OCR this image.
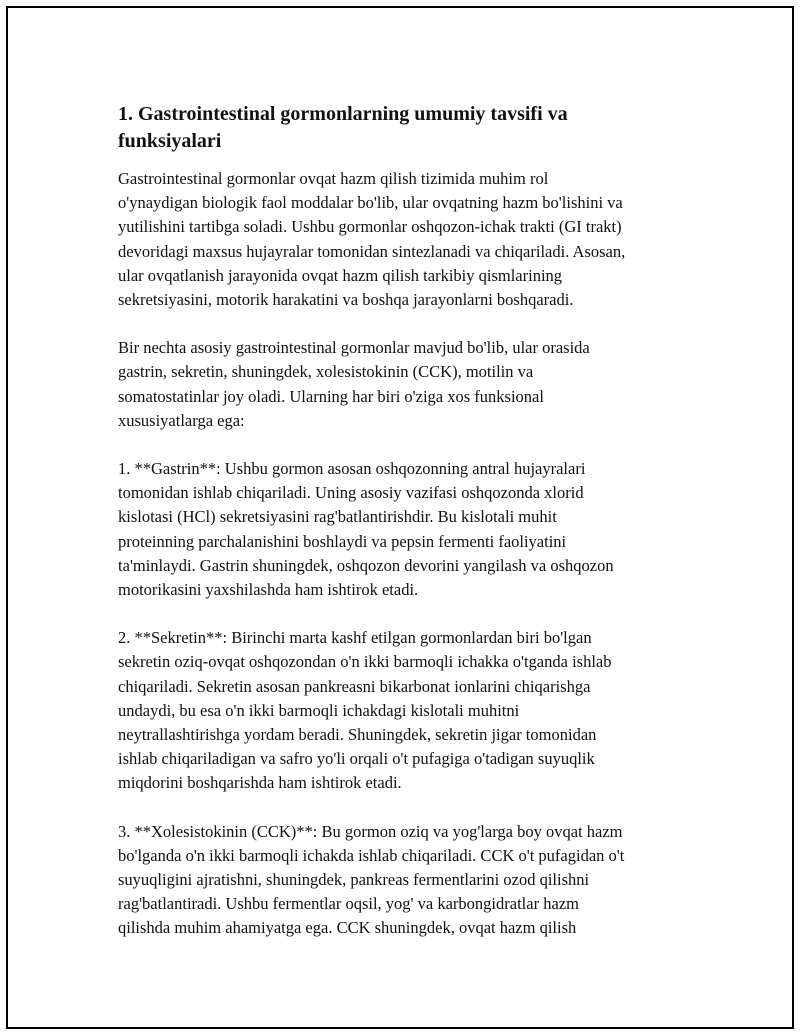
1. Gastrointestinal gormonlarning umumiy tavsifi va
funksiyalari

Gastrointestinal gormonlar ovqat hazm qilish tizimida muhim rol
o'ynaydigan biologik faol moddalar bo'lib, ular ovqatning hazm bo'lishini va
yutilishini tartibga soladi. Ushbu gormonlar oshqozon-ichak trakti (GI trakt)
devoridagi maxsus hujayralar tomonidan sintezlanadi va chiqariladi. Asosan,
ular ovqatlanish jarayonida ovqat hazm qilish tarkibiy qismlarining
sekretsiyasini, motorik harakatini va boshqa jarayonlarni boshqaradi.

Bir nechta asosiy gastrointestinal gormonlar mavjud bo'lib, ular orasida
gastrin, sekretin, shuningdek, xolesistokinin (CCK), motilin va
somatostatinlar joy oladi. Ularning har biri o'ziga xos funksional
xususiyatlarga ega:

1. **Gastrin**: Ushbu gormon asosan oshqozonning antral hujayralari
tomonidan ishlab chiqariladi. Uning asosiy vazifasi oshqozonda xlorid
kislotasi (HCl) sekretsiyasini rag'batlantirishdir. Bu kislotali muhit
proteinning parchalanishini boshlaydi va pepsin fermenti faoliyatini
ta'minlaydi. Gastrin shuningdek, oshqozon devorini yangilash va oshqozon
motorikasini yaxshilashda ham ishtirok etadi.

2. **Sekretin**: Birinchi marta kashf etilgan gormonlardan biri bo'lgan
sekretin oziq-ovqat oshqozondan o'n ikki barmoqli ichakka o'tganda ishlab
chiqariladi. Sekretin asosan pankreasni bikarbonat ionlarini chiqarishga
undaydi, bu esa o'n ikki barmoqli ichakdagi kislotali muhitni
neytrallashtirishga yordam beradi. Shuningdek, sekretin jigar tomonidan
ishlab chiqariladigan va safro yo'li orqali o't pufagiga o'tadigan suyuqlik
miqdorini boshqarishda ham ishtirok etadi.

3. **Xolesistokinin (CCK)**: Bu gormon oziq va yog'larga boy ovqat hazm
bo'lganda o'n ikki barmoqli ichakda ishlab chiqariladi. CCK o't pufagidan o't
suyuqligini ajratishni, shuningdek, pankreas fermentlarini ozod qilishni
rag'batlantiradi. Ushbu fermentlar oqsil, yog' va karbongidratlar hazm
qilishda muhim ahamiyatga ega. CCK shuningdek, ovqat hazm qilish
